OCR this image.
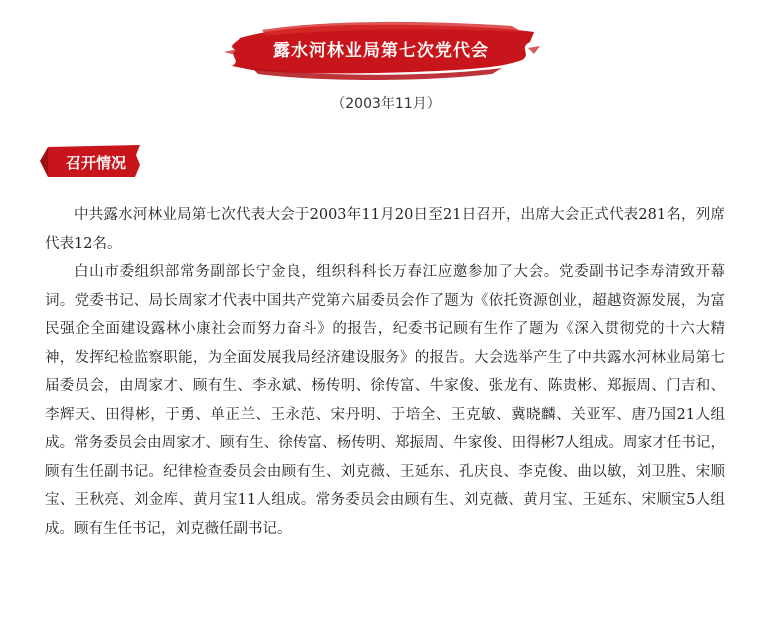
露水河林业局第七次党代会
（2003年11月）
召开情况

中共露水河林业局第七次代表大会于2003年11月20日至21日召开，出席大会正式代表281名，列席代表12名。

白山市委组织部常务副部长宁金良，组织科科长万春江应邀参加了大会。党委副书记李寿清致开幕词。党委书记、局长周家才代表中国共产党第六届委员会作了题为《依托资源创业，超越资源发展，为富民强企全面建设露林小康社会而努力奋斗》的报告，纪委书记顾有生作了题为《深入贯彻党的十六大精神，发挥纪检监察职能，为全面发展我局经济建设服务》的报告。大会选举产生了中共露水河林业局第七届委员会，由周家才、顾有生、李永斌、杨传明、徐传富、牛家俊、张龙有、陈贵彬、郑振周、门吉和、李辉天、田得彬，于勇、单正兰、王永范、宋丹明、于培全、王克敏、冀晓麟、关亚军、唐乃国21人组成。常务委员会由周家才、顾有生、徐传富、杨传明、郑振周、牛家俊、田得彬7人组成。周家才任书记，顾有生任副书记。纪律检查委员会由顾有生、刘克薇、王延东、孔庆良、李克俊、曲以敏，刘卫胜、宋顺宝、王秋亮、刘金库、黄月宝11人组成。常务委员会由顾有生、刘克薇、黄月宝、王延东、宋顺宝5人组成。顾有生任书记，刘克薇任副书记。
